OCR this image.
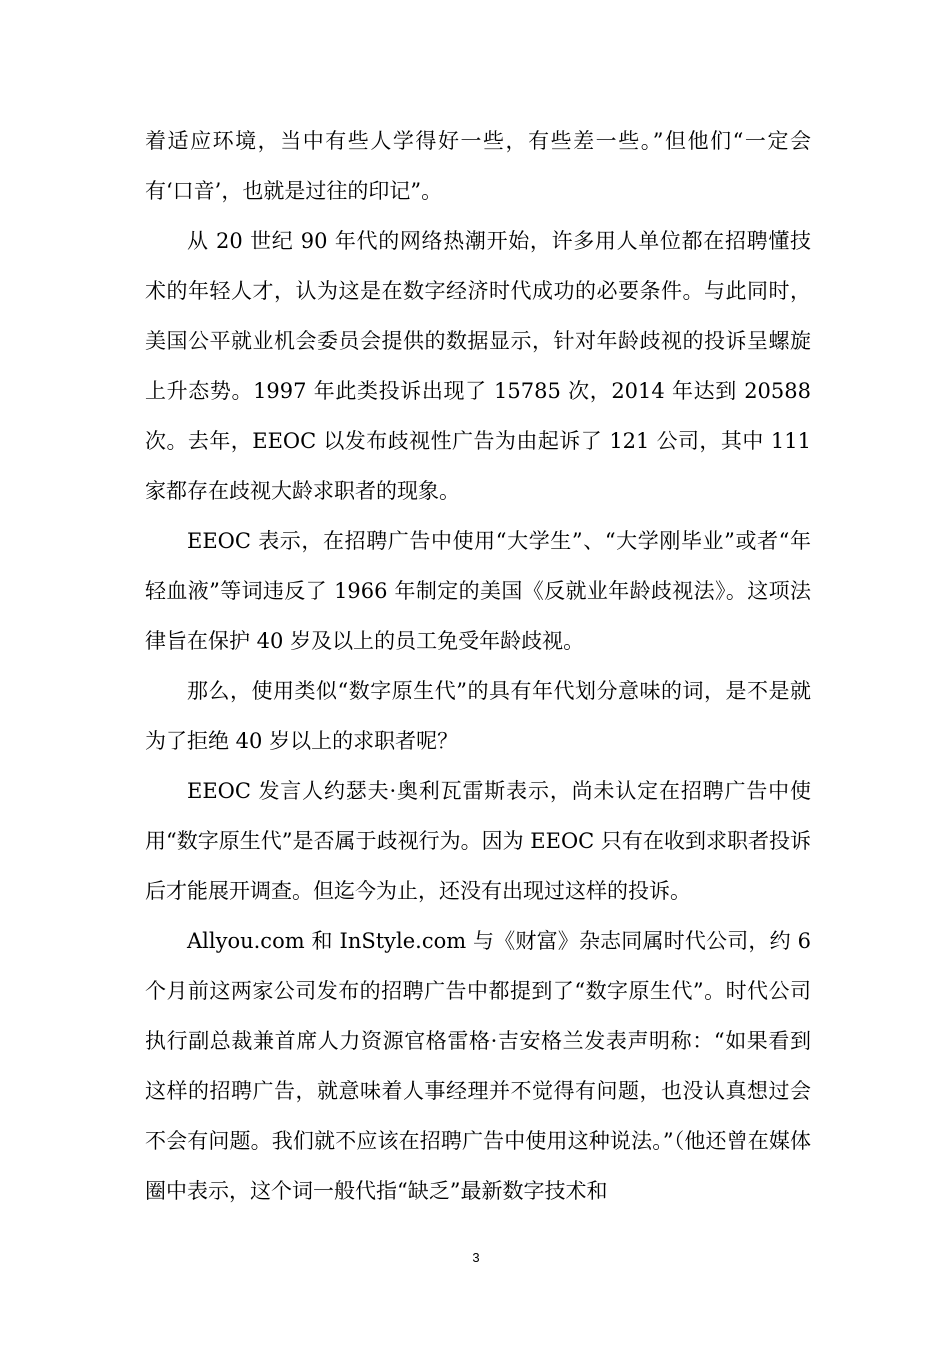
着适应环境，当中有些人学得好一些，有些差一些。”但他们“一定会有‘口音’，也就是过往的印记”。

从 20 世纪 90 年代的网络热潮开始，许多用人单位都在招聘懂技术的年轻人才，认为这是在数字经济时代成功的必要条件。与此同时，美国公平就业机会委员会提供的数据显示，针对年龄歧视的投诉呈螺旋上升态势。1997 年此类投诉出现了 15785 次，2014 年达到 20588 次。去年，EEOC 以发布歧视性广告为由起诉了 121 公司，其中 111 家都存在歧视大龄求职者的现象。

EEOC 表示，在招聘广告中使用“大学生”、“大学刚毕业”或者“年轻血液”等词违反了 1966 年制定的美国《反就业年龄歧视法》。这项法律旨在保护 40 岁及以上的员工免受年龄歧视。

那么，使用类似“数字原生代”的具有年代划分意味的词，是不是就为了拒绝 40 岁以上的求职者呢？

EEOC 发言人约瑟夫·奥利瓦雷斯表示，尚未认定在招聘广告中使用“数字原生代”是否属于歧视行为。因为 EEOC 只有在收到求职者投诉后才能展开调查。但迄今为止，还没有出现过这样的投诉。

Allyou.com 和 InStyle.com 与《财富》杂志同属时代公司，约 6 个月前这两家公司发布的招聘广告中都提到了“数字原生代”。时代公司执行副总裁兼首席人力资源官格雷格·吉安格兰发表声明称：“如果看到这样的招聘广告，就意味着人事经理并不觉得有问题，也没认真想过会不会有问题。我们就不应该在招聘广告中使用这种说法。”（他还曾在媒体圈中表示，这个词一般代指“缺乏”最新数字技术和

3
